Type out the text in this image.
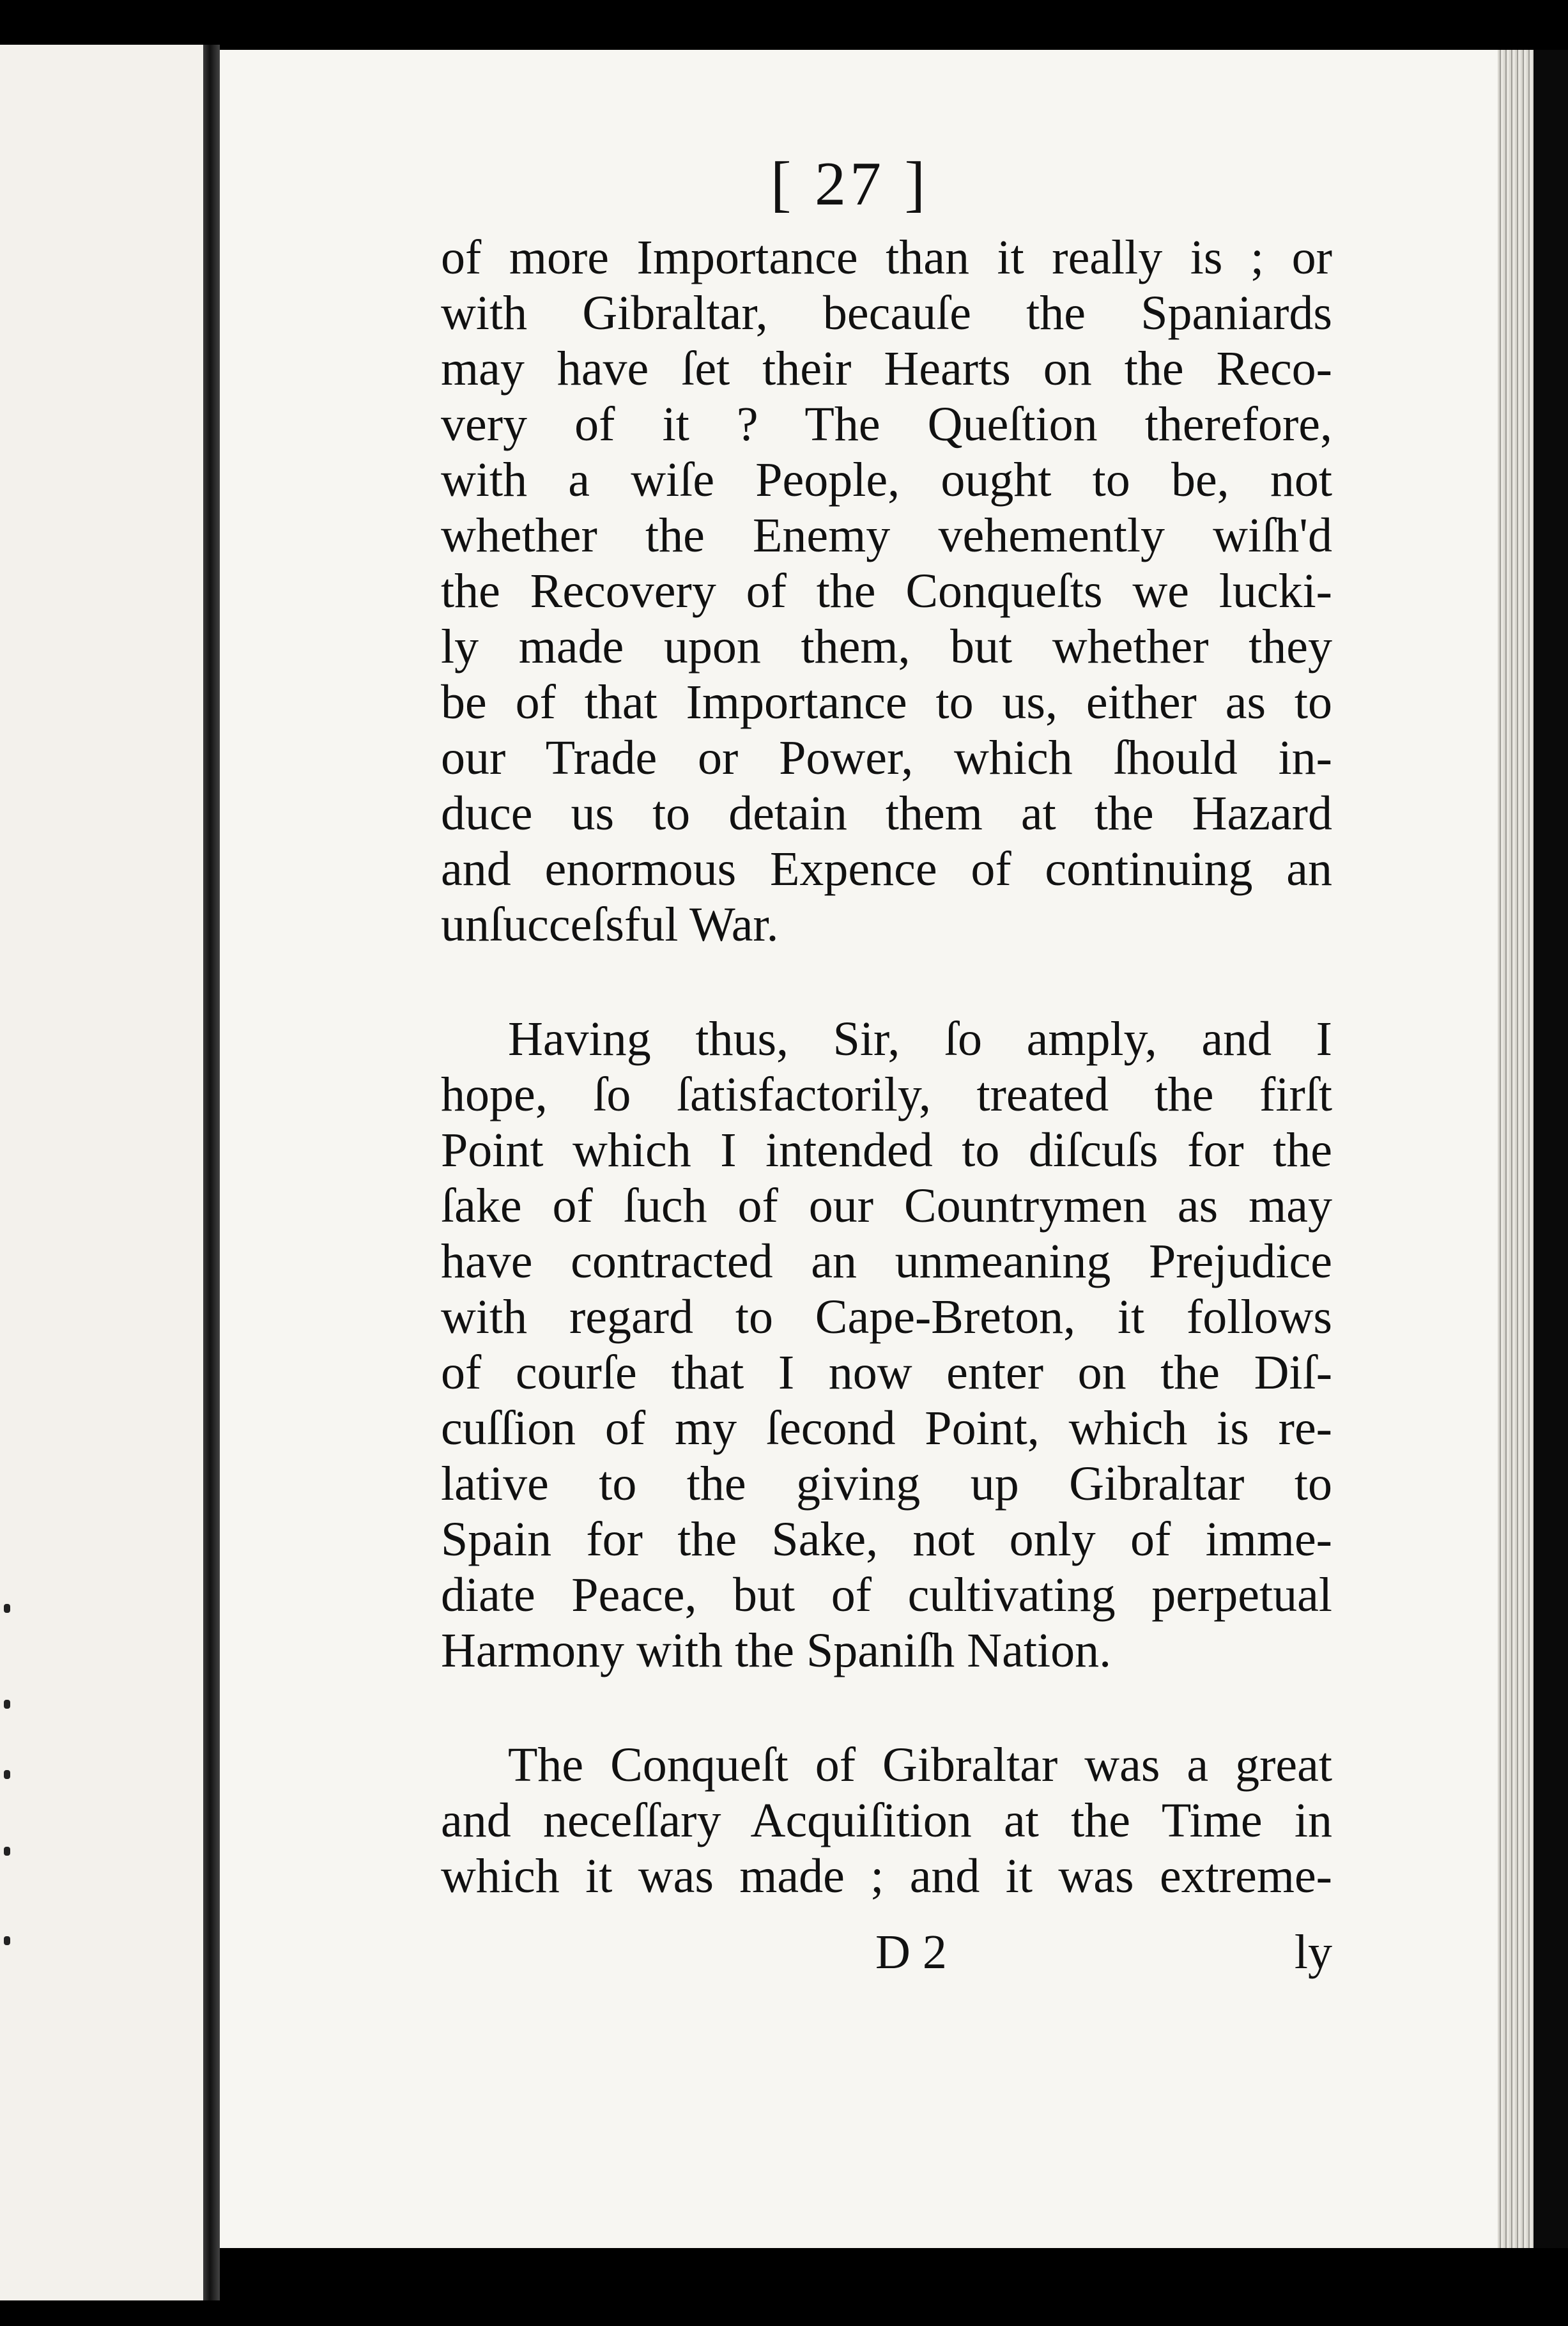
[ 27 ]
of more Importance than it really is ; or
with Gibraltar, becauſe the Spaniards
may have ſet their Hearts on the Reco-
very of it ? The Queſtion therefore,
with a wiſe People, ought to be, not
whether the Enemy vehemently wiſh'd
the Recovery of the Conqueſts we lucki-
ly made upon them, but whether they
be of that Importance to us, either as to
our Trade or Power, which ſhould in-
duce us to detain them at the Hazard
and enormous Expence of continuing an
unſucceſsful War.
Having thus, Sir, ſo amply, and I
hope, ſo ſatisfactorily, treated the firſt
Point which I intended to diſcuſs for the
ſake of ſuch of our Countrymen as may
have contracted an unmeaning Prejudice
with regard to Cape-Breton, it follows
of courſe that I now enter on the Diſ-
cuſſion of my ſecond Point, which is re-
lative to the giving up Gibraltar to
Spain for the Sake, not only of imme-
diate Peace, but of cultivating perpetual
Harmony with the Spaniſh Nation.
The Conqueſt of Gibraltar was a great
and neceſſary Acquiſition at the Time in
which it was made ; and it was extreme-
D 2	ly
